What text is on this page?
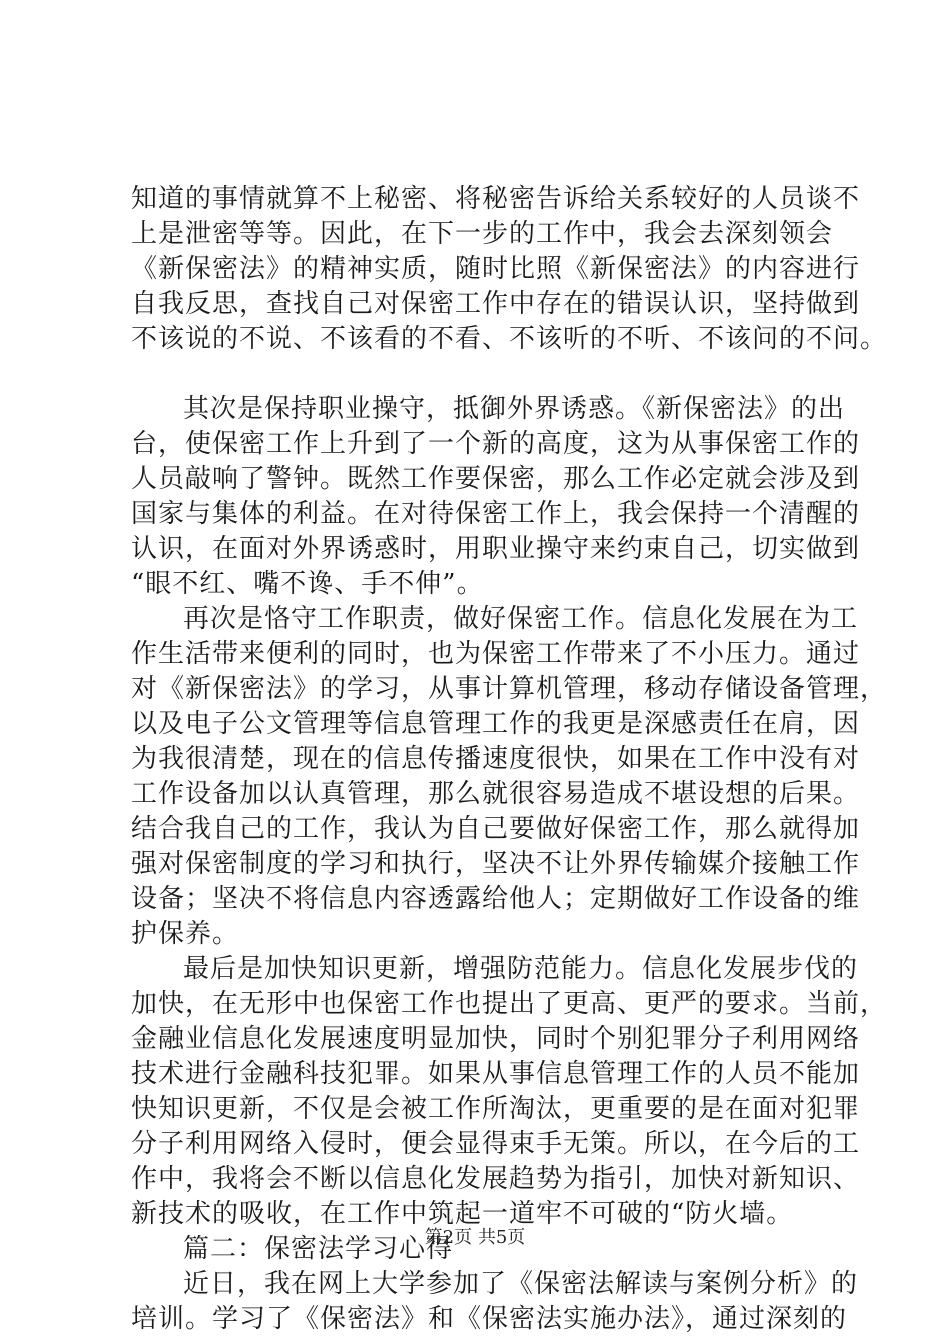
知道的事情就算不上秘密、将秘密告诉给关系较好的人员谈不
上是泄密等等。因此，在下一步的工作中，我会去深刻领会
《新保密法》的精神实质，随时比照《新保密法》的内容进行
自我反思，查找自己对保密工作中存在的错误认识，坚持做到
不该说的不说、不该看的不看、不该听的不听、不该问的不问。
其次是保持职业操守，抵御外界诱惑。《新保密法》的出
台，使保密工作上升到了一个新的高度，这为从事保密工作的
人员敲响了警钟。既然工作要保密，那么工作必定就会涉及到
国家与集体的利益。在对待保密工作上，我会保持一个清醒的
认识，在面对外界诱惑时，用职业操守来约束自己，切实做到
“眼不红、嘴不谗、手不伸”。
再次是恪守工作职责，做好保密工作。信息化发展在为工
作生活带来便利的同时，也为保密工作带来了不小压力。通过
对《新保密法》的学习，从事计算机管理，移动存储设备管理，
以及电子公文管理等信息管理工作的我更是深感责任在肩，因
为我很清楚，现在的信息传播速度很快，如果在工作中没有对
工作设备加以认真管理，那么就很容易造成不堪设想的后果。
结合我自己的工作，我认为自己要做好保密工作，那么就得加
强对保密制度的学习和执行，坚决不让外界传输媒介接触工作
设备；坚决不将信息内容透露给他人；定期做好工作设备的维
护保养。
最后是加快知识更新，增强防范能力。信息化发展步伐的
加快，在无形中也保密工作也提出了更高、更严的要求。当前，
金融业信息化发展速度明显加快，同时个别犯罪分子利用网络
技术进行金融科技犯罪。如果从事信息管理工作的人员不能加
快知识更新，不仅是会被工作所淘汰，更重要的是在面对犯罪
分子利用网络入侵时，便会显得束手无策。所以，在今后的工
作中，我将会不断以信息化发展趋势为指引，加快对新知识、
新技术的吸收，在工作中筑起一道牢不可破的“防火墙。
篇二：保密法学习心得
近日，我在网上大学参加了《保密法解读与案例分析》的
培训。学习了《保密法》和《保密法实施办法》，通过深刻的
第2页 共5页
